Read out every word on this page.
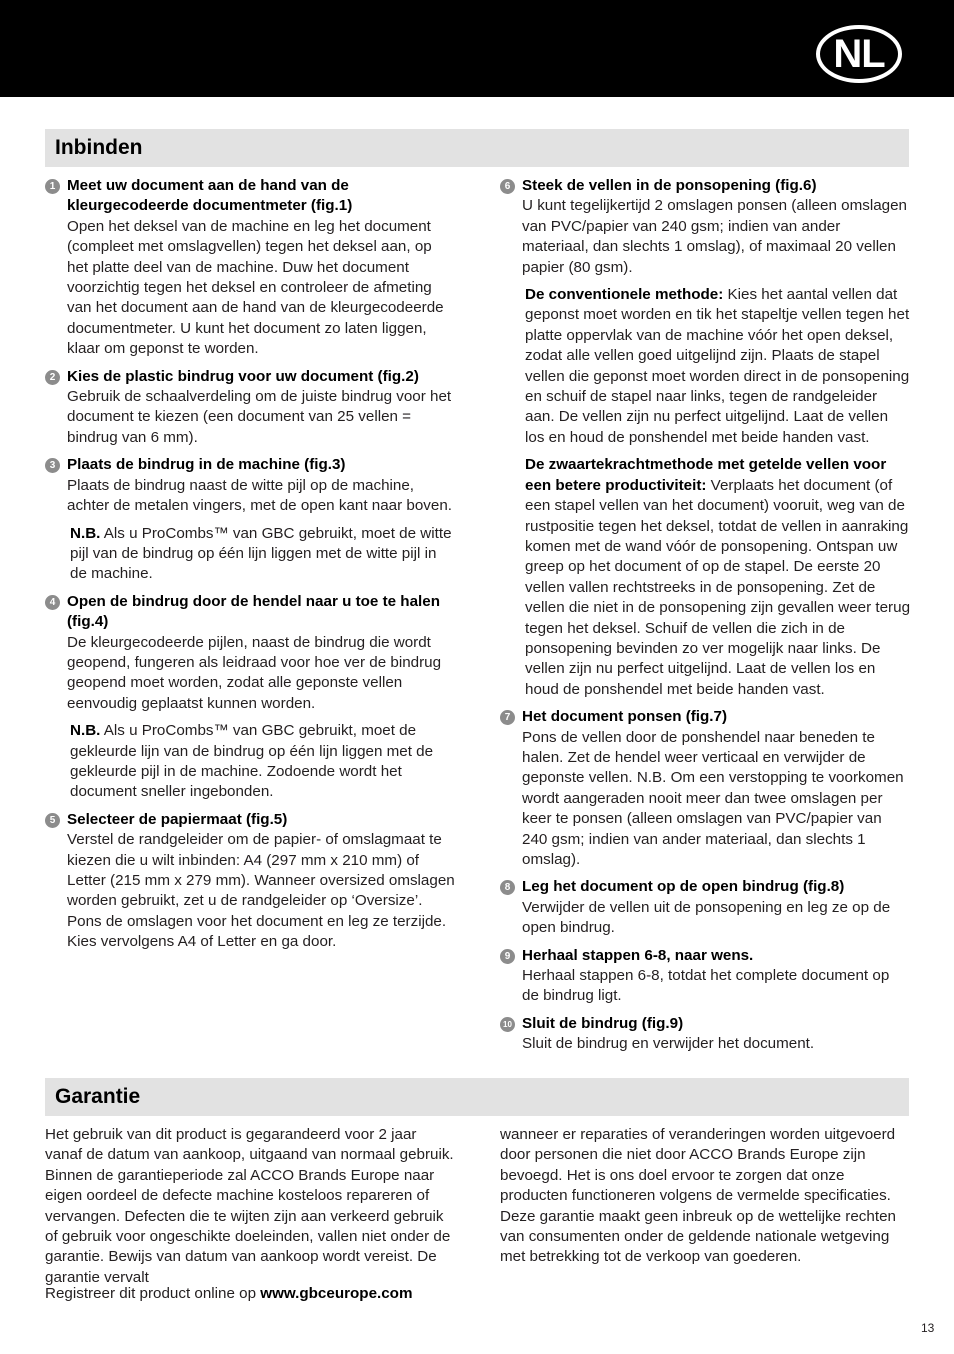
NL
Inbinden
1 Meet uw document aan de hand van de kleurgecodeerde documentmeter (fig.1)
Open het deksel van de machine en leg het document (compleet met omslagvellen) tegen het deksel aan, op het platte deel van de machine. Duw het document voorzichtig tegen het deksel en controleer de afmeting van het document aan de hand van de kleurgecodeerde documentmeter. U kunt het document zo laten liggen, klaar om geponst te worden.
2 Kies de plastic bindrug voor uw document (fig.2)
Gebruik de schaalverdeling om de juiste bindrug voor het document te kiezen (een document van 25 vellen = bindrug van 6 mm).
3 Plaats de bindrug in de machine (fig.3)
Plaats de bindrug naast de witte pijl op de machine, achter de metalen vingers, met de open kant naar boven.
N.B. Als u ProCombs™ van GBC gebruikt, moet de witte pijl van de bindrug op één lijn liggen met de witte pijl in de machine.
4 Open de bindrug door de hendel naar u toe te halen (fig.4)
De kleurgecodeerde pijlen, naast de bindrug die wordt geopend, fungeren als leidraad voor hoe ver de bindrug geopend moet worden, zodat alle geponste vellen eenvoudig geplaatst kunnen worden.
N.B. Als u ProCombs™ van GBC gebruikt, moet de gekleurde lijn van de bindrug op één lijn liggen met de gekleurde pijl in de machine. Zodoende wordt het document sneller ingebonden.
5 Selecteer de papiermaat (fig.5)
Verstel de randgeleider om de papier- of omslagmaat te kiezen die u wilt inbinden: A4 (297 mm x 210 mm) of Letter (215 mm x 279 mm). Wanneer oversized omslagen worden gebruikt, zet u de randgeleider op ‘Oversize’. Pons de omslagen voor het document en leg ze terzijde. Kies vervolgens A4 of Letter en ga door.
6 Steek de vellen in de ponsopening (fig.6)
U kunt tegelijkertijd 2 omslagen ponsen (alleen omslagen van PVC/papier van 240 gsm; indien van ander materiaal, dan slechts 1 omslag), of maximaal 20 vellen papier (80 gsm).
De conventionele methode: Kies het aantal vellen dat geponst moet worden en tik het stapeltje vellen tegen het platte oppervlak van de machine vóór het open deksel, zodat alle vellen goed uitgelijnd zijn. Plaats de stapel vellen die geponst moet worden direct in de ponsopening en schuif de stapel naar links, tegen de randgeleider aan. De vellen zijn nu perfect uitgelijnd. Laat de vellen los en houd de ponshendel met beide handen vast.
De zwaartekrachtmethode met getelde vellen voor een betere productiviteit: Verplaats het document (of een stapel vellen van het document) vooruit, weg van de rustpositie tegen het deksel, totdat de vellen in aanraking komen met de wand vóór de ponsopening. Ontspan uw greep op het document of op de stapel. De eerste 20 vellen vallen rechtstreeks in de ponsopening. Zet de vellen die niet in de ponsopening zijn gevallen weer terug tegen het deksel. Schuif de vellen die zich in de ponsopening bevinden zo ver mogelijk naar links. De vellen zijn nu perfect uitgelijnd. Laat de vellen los en houd de ponshendel met beide handen vast.
7 Het document ponsen (fig.7)
Pons de vellen door de ponshendel naar beneden te halen. Zet de hendel weer verticaal en verwijder de geponste vellen. N.B. Om een verstopping te voorkomen wordt aangeraden nooit meer dan twee omslagen per keer te ponsen (alleen omslagen van PVC/papier van 240 gsm; indien van ander materiaal, dan slechts 1 omslag).
8 Leg het document op de open bindrug (fig.8)
Verwijder de vellen uit de ponsopening en leg ze op de open bindrug.
9 Herhaal stappen 6-8, naar wens.
Herhaal stappen 6-8, totdat het complete document op de bindrug ligt.
10 Sluit de bindrug (fig.9)
Sluit de bindrug en verwijder het document.
Garantie
Het gebruik van dit product is gegarandeerd voor 2 jaar vanaf de datum van aankoop, uitgaand van normaal gebruik. Binnen de garantieperiode zal ACCO Brands Europe naar eigen oordeel de defecte machine kosteloos repareren of vervangen. Defecten die te wijten zijn aan verkeerd gebruik of gebruik voor ongeschikte doeleinden, vallen niet onder de garantie. Bewijs van datum van aankoop wordt vereist. De garantie vervalt
wanneer er reparaties of veranderingen worden uitgevoerd door personen die niet door ACCO Brands Europe zijn bevoegd. Het is ons doel ervoor te zorgen dat onze producten functioneren volgens de vermelde specificaties. Deze garantie maakt geen inbreuk op de wettelijke rechten van consumenten onder de geldende nationale wetgeving met betrekking tot de verkoop van goederen.
Registreer dit product online op www.gbceurope.com
13
